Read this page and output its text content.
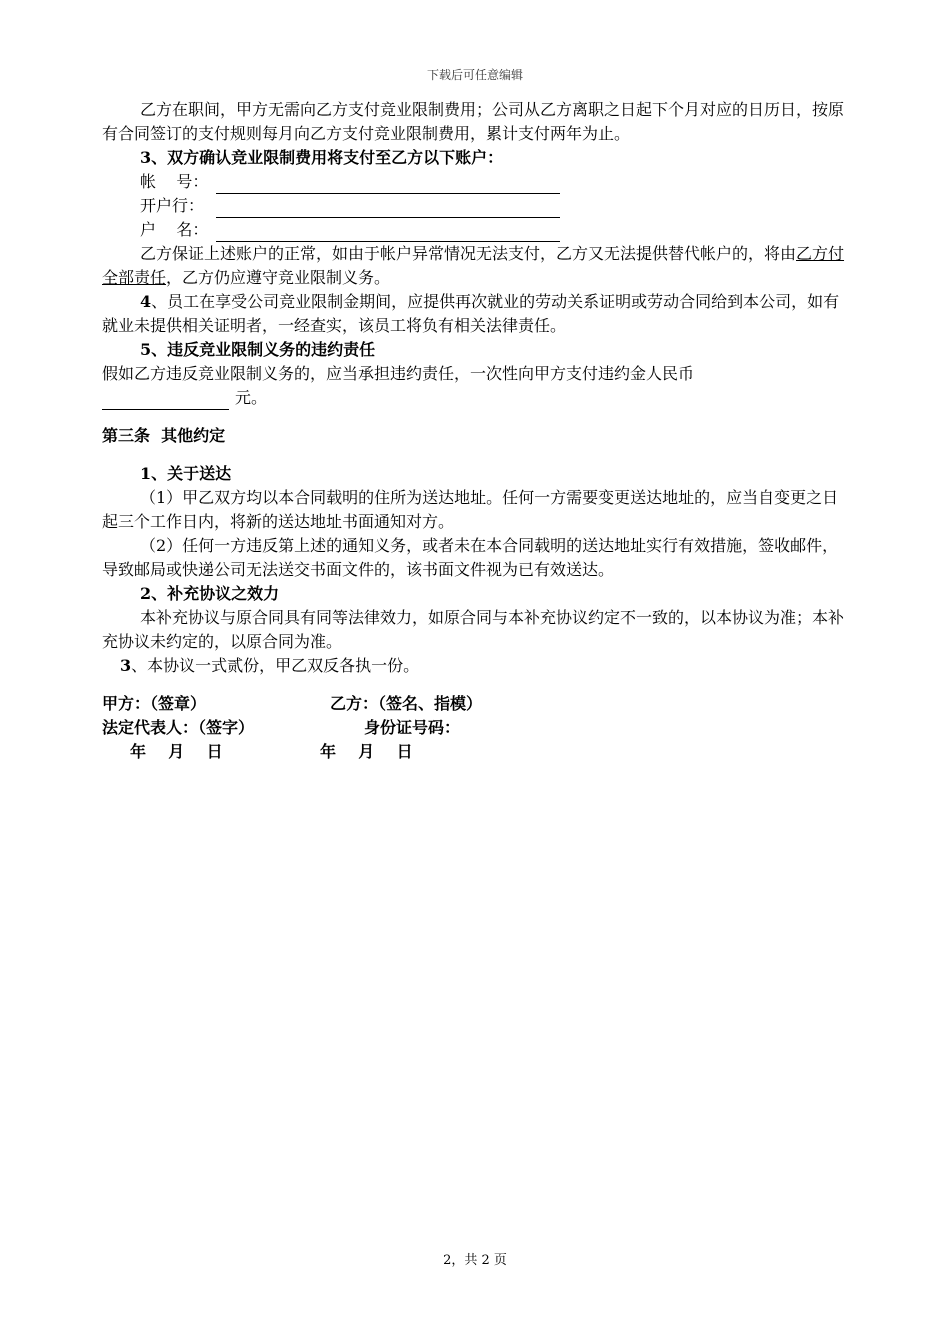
下载后可任意编辑

乙方在职间，甲方无需向乙方支付竞业限制费用；公司从乙方离职之日起下个月对应的日历日，按原有合同签订的支付规则每月向乙方支付竞业限制费用，累计支付两年为止。

3、双方确认竞业限制费用将支付至乙方以下账户：

帐    号：
开户行：
户    名：

乙方保证上述账户的正常，如由于帐户异常情况无法支付，乙方又无法提供替代帐户的，将由乙方付全部责任，乙方仍应遵守竞业限制义务。

4、员工在享受公司竞业限制金期间，应提供再次就业的劳动关系证明或劳动合同给到本公司，如有就业未提供相关证明者，一经查实，该员工将负有相关法律责任。

5、违反竞业限制义务的违约责任

假如乙方违反竞业限制义务的，应当承担违约责任，一次性向甲方支付违约金人民币

元。

第三条  其他约定

1、关于送达

（1）甲乙双方均以本合同载明的住所为送达地址。任何一方需要变更送达地址的，应当自变更之日起三个工作日内，将新的送达地址书面通知对方。

（2）任何一方违反第上述的通知义务，或者未在本合同载明的送达地址实行有效措施，签收邮件，导致邮局或快递公司无法送交书面文件的，该书面文件视为已有效送达。

2、补充协议之效力

本补充协议与原合同具有同等法律效力，如原合同与本补充协议约定不一致的，以本协议为准；本补充协议未约定的，以原合同为准。

3、本协议一式贰份，甲乙双反各执一份。

甲方：（签章）	乙方：（签名、指模）
法定代表人：（签字）	身份证号码：
年    月    日	年    月    日
2，共 2 页
